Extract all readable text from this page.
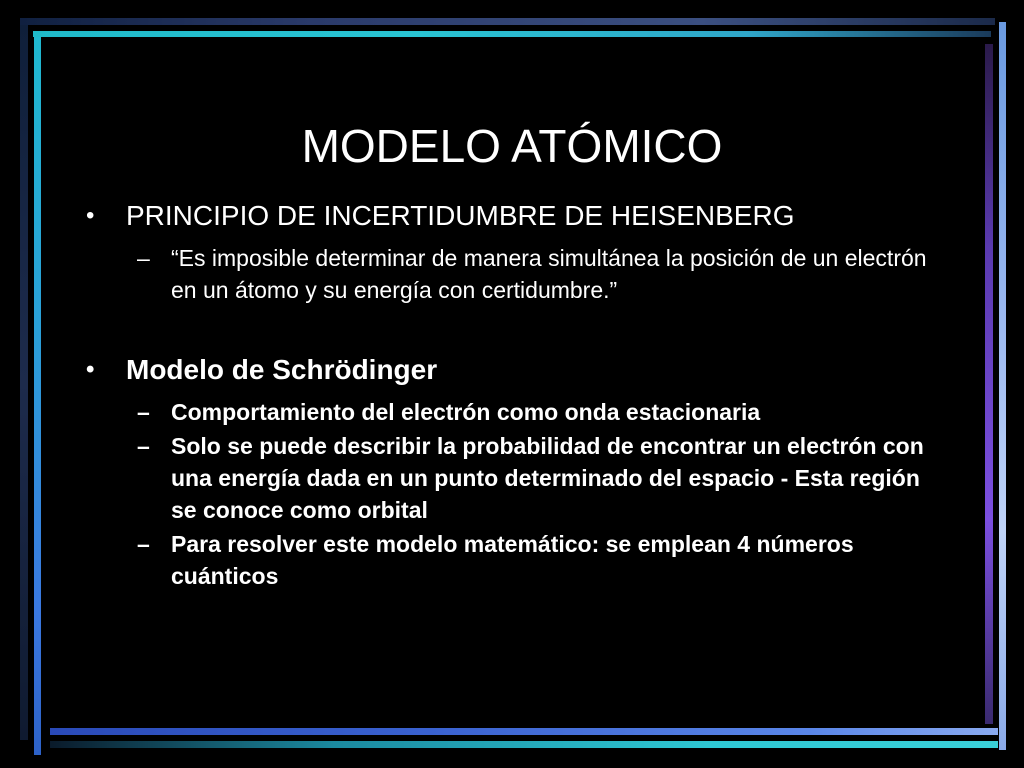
MODELO ATÓMICO
• PRINCIPIO DE INCERTIDUMBRE DE HEISENBERG
– “Es imposible determinar de manera simultánea la posición de un electrón en un átomo y su energía con certidumbre.”
• Modelo de Schrödinger
– Comportamiento del electrón como onda estacionaria
– Solo se puede describir la probabilidad de encontrar un electrón con una energía dada en un punto determinado del espacio - Esta región se conoce como orbital
– Para resolver este modelo matemático: se emplean 4 números cuánticos
